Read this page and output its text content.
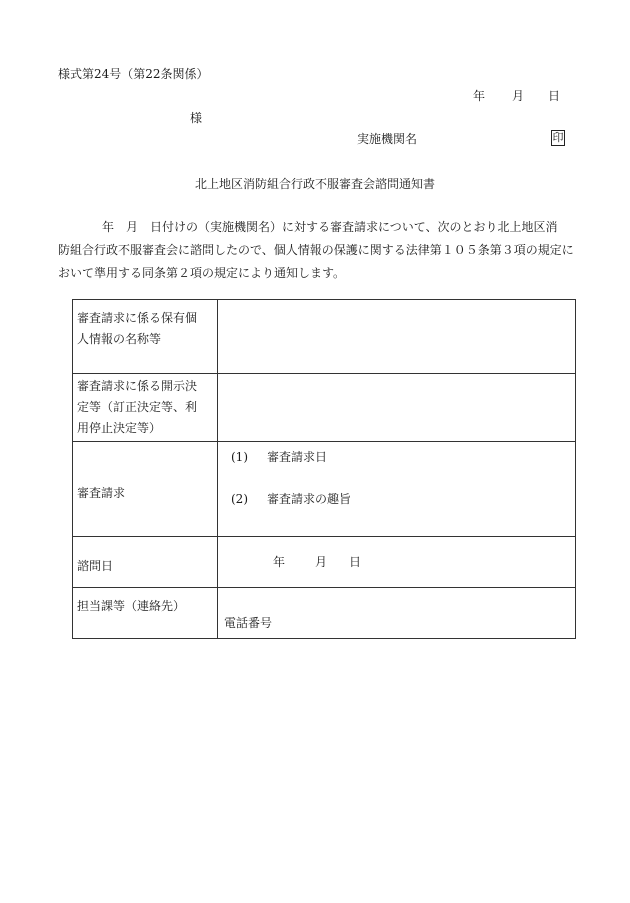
様式第24号（第22条関係）
年 月 日
様
実施機関名	印
北上地区消防組合行政不服審査会諮問通知書
年　月　日付けの（実施機関名）に対する審査請求について、次のとおり北上地区消
防組合行政不服審査会に諮問したので、個人情報の保護に関する法律第１０５条第３項の規定に
おいて準用する同条第２項の規定により通知します。
審査請求に係る保有個
人情報の名称等	

審査請求に係る開示決
定等（訂正決定等、利
用停止決定等）	

審査請求	(1) 審査請求日
(2) 審査請求の趣旨

諮問日	年 月 日

担当課等（連絡先）	電話番号
